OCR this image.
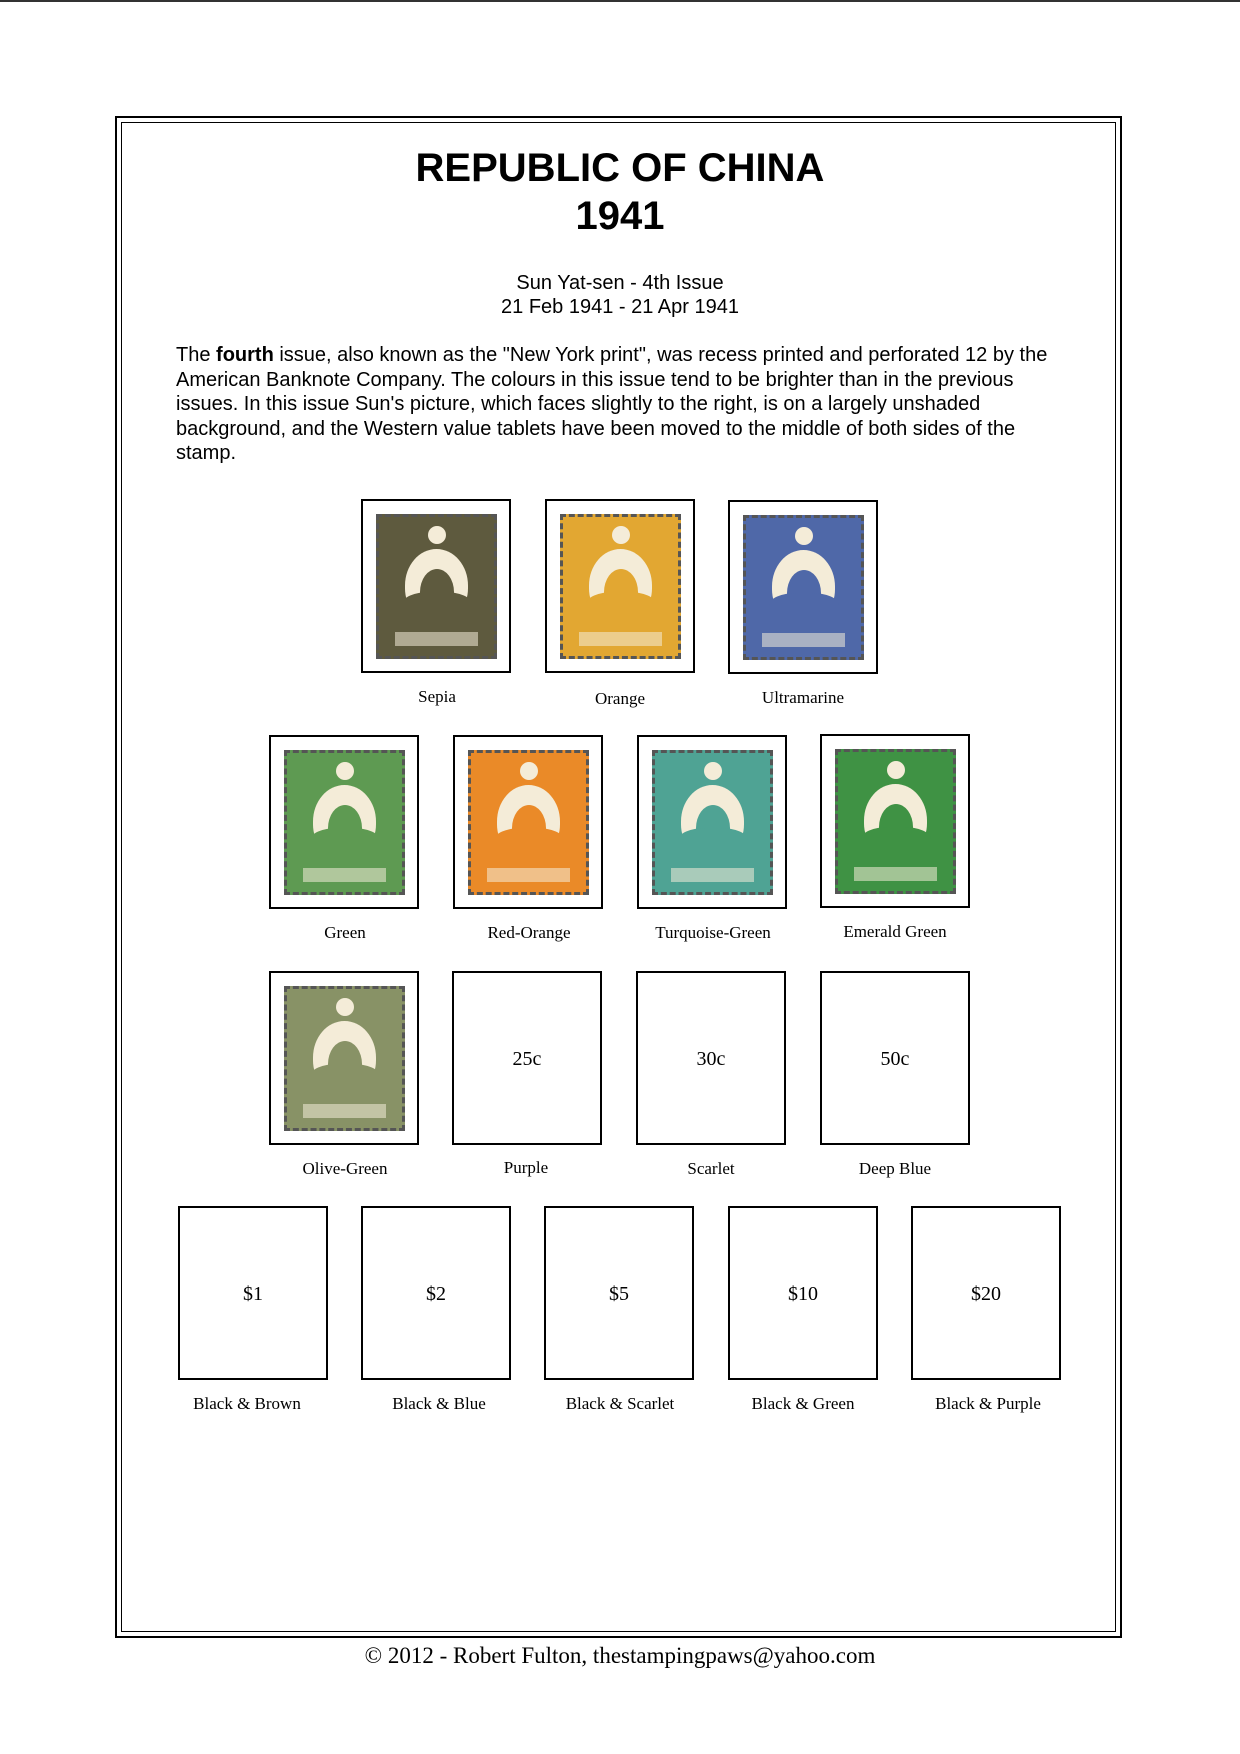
REPUBLIC OF CHINA
1941
Sun Yat-sen - 4th Issue
21 Feb 1941 - 21 Apr 1941
The fourth issue, also known as the "New York print", was recess printed and perforated 12 by the American Banknote Company. The colours in this issue tend to be brighter than in the previous issues. In this issue Sun's picture, which faces slightly to the right, is on a largely unshaded background, and the Western value tablets have been moved to the middle of both sides of the stamp.
25c	30c	50c
$1	$2	$5	$10	$20
Sepia	Orange	Ultramarine
Green	Red-Orange	Turquoise-Green	Emerald Green
Olive-Green	Purple	Scarlet	Deep Blue
Black & Brown	Black & Blue	Black & Scarlet	Black & Green	Black & Purple
© 2012 - Robert Fulton, thestampingpaws@yahoo.com
